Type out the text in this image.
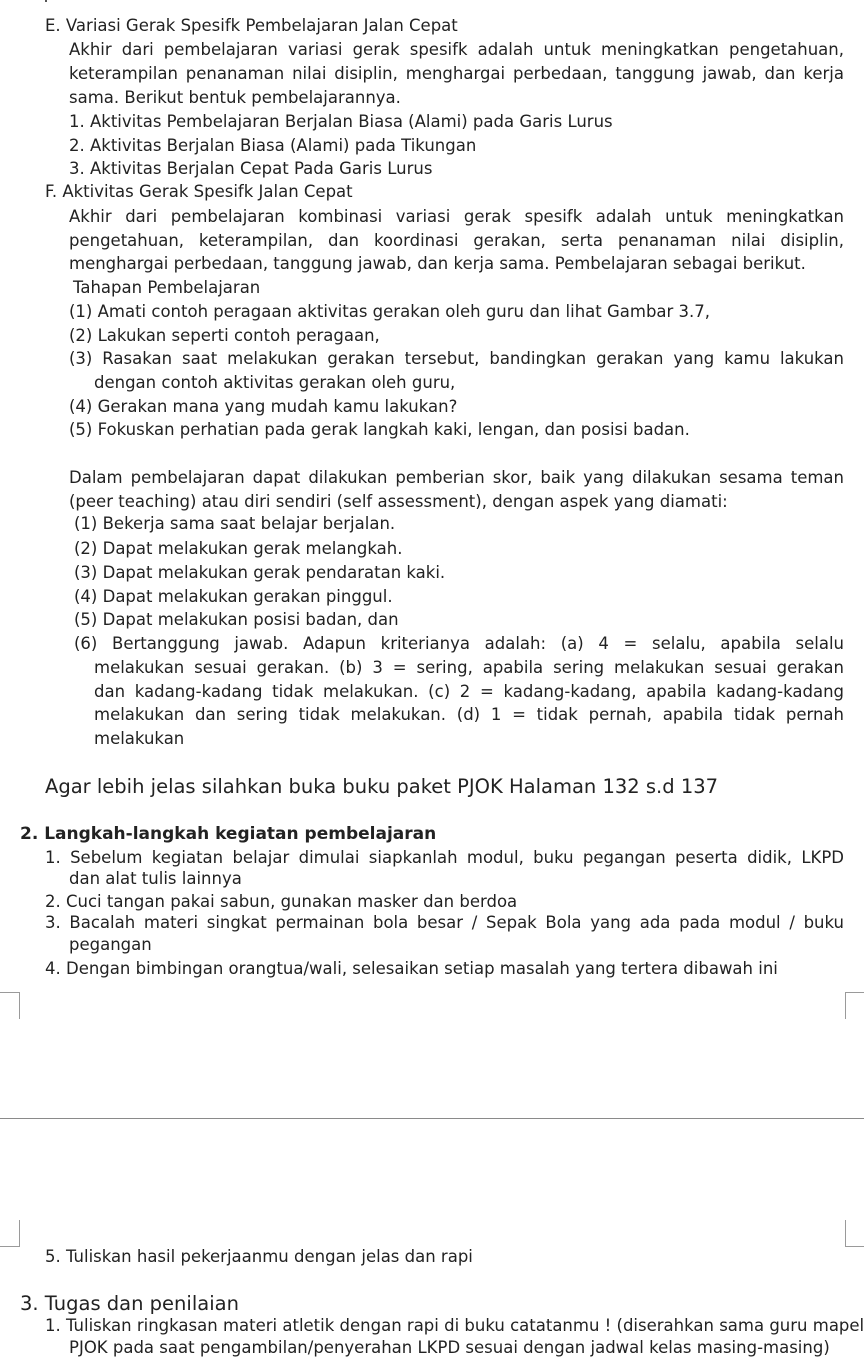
E. Variasi Gerak Spesifk Pembelajaran Jalan Cepat
Akhir dari pembelajaran variasi gerak spesifk adalah untuk meningkatkan pengetahuan,
keterampilan penanaman nilai disiplin, menghargai perbedaan, tanggung jawab, dan kerja
sama. Berikut bentuk pembelajarannya.
1. Aktivitas Pembelajaran Berjalan Biasa (Alami) pada Garis Lurus
2. Aktivitas Berjalan Biasa (Alami) pada Tikungan
3. Aktivitas Berjalan Cepat Pada Garis Lurus
F. Aktivitas Gerak Spesifk Jalan Cepat
Akhir dari pembelajaran kombinasi variasi gerak spesifk adalah untuk meningkatkan
pengetahuan, keterampilan, dan koordinasi gerakan, serta penanaman nilai disiplin,
menghargai perbedaan, tanggung jawab, dan kerja sama. Pembelajaran sebagai berikut.
Tahapan Pembelajaran
(1) Amati contoh peragaan aktivitas gerakan oleh guru dan lihat Gambar 3.7,
(2) Lakukan seperti contoh peragaan,
(3) Rasakan saat melakukan gerakan tersebut, bandingkan gerakan yang kamu lakukan
dengan contoh aktivitas gerakan oleh guru,
(4) Gerakan mana yang mudah kamu lakukan?
(5) Fokuskan perhatian pada gerak langkah kaki, lengan, dan posisi badan.
Dalam pembelajaran dapat dilakukan pemberian skor, baik yang dilakukan sesama teman
(peer teaching) atau diri sendiri (self assessment), dengan aspek yang diamati:
(1) Bekerja sama saat belajar berjalan.
(2) Dapat melakukan gerak melangkah.
(3) Dapat melakukan gerak pendaratan kaki.
(4) Dapat melakukan gerakan pinggul.
(5) Dapat melakukan posisi badan, dan
(6) Bertanggung jawab. Adapun kriterianya adalah: (a) 4 = selalu, apabila selalu
melakukan sesuai gerakan. (b) 3 = sering, apabila sering melakukan sesuai gerakan
dan kadang-kadang tidak melakukan. (c) 2 = kadang-kadang, apabila kadang-kadang
melakukan dan sering tidak melakukan. (d) 1 = tidak pernah, apabila tidak pernah
melakukan
Agar lebih jelas silahkan buka buku paket PJOK Halaman 132 s.d 137
2. Langkah-langkah kegiatan pembelajaran
1. Sebelum kegiatan belajar dimulai siapkanlah modul, buku pegangan peserta didik, LKPD
dan alat tulis lainnya
2. Cuci tangan pakai sabun, gunakan masker dan berdoa
3. Bacalah materi singkat permainan bola besar / Sepak Bola yang ada pada modul / buku
pegangan
4. Dengan bimbingan orangtua/wali, selesaikan setiap masalah yang tertera dibawah ini
5. Tuliskan hasil pekerjaanmu dengan jelas dan rapi
3. Tugas dan penilaian
1. Tuliskan ringkasan materi atletik dengan rapi di buku catatanmu ! (diserahkan sama guru mapel
PJOK pada saat pengambilan/penyerahan LKPD sesuai dengan jadwal kelas masing-masing)
